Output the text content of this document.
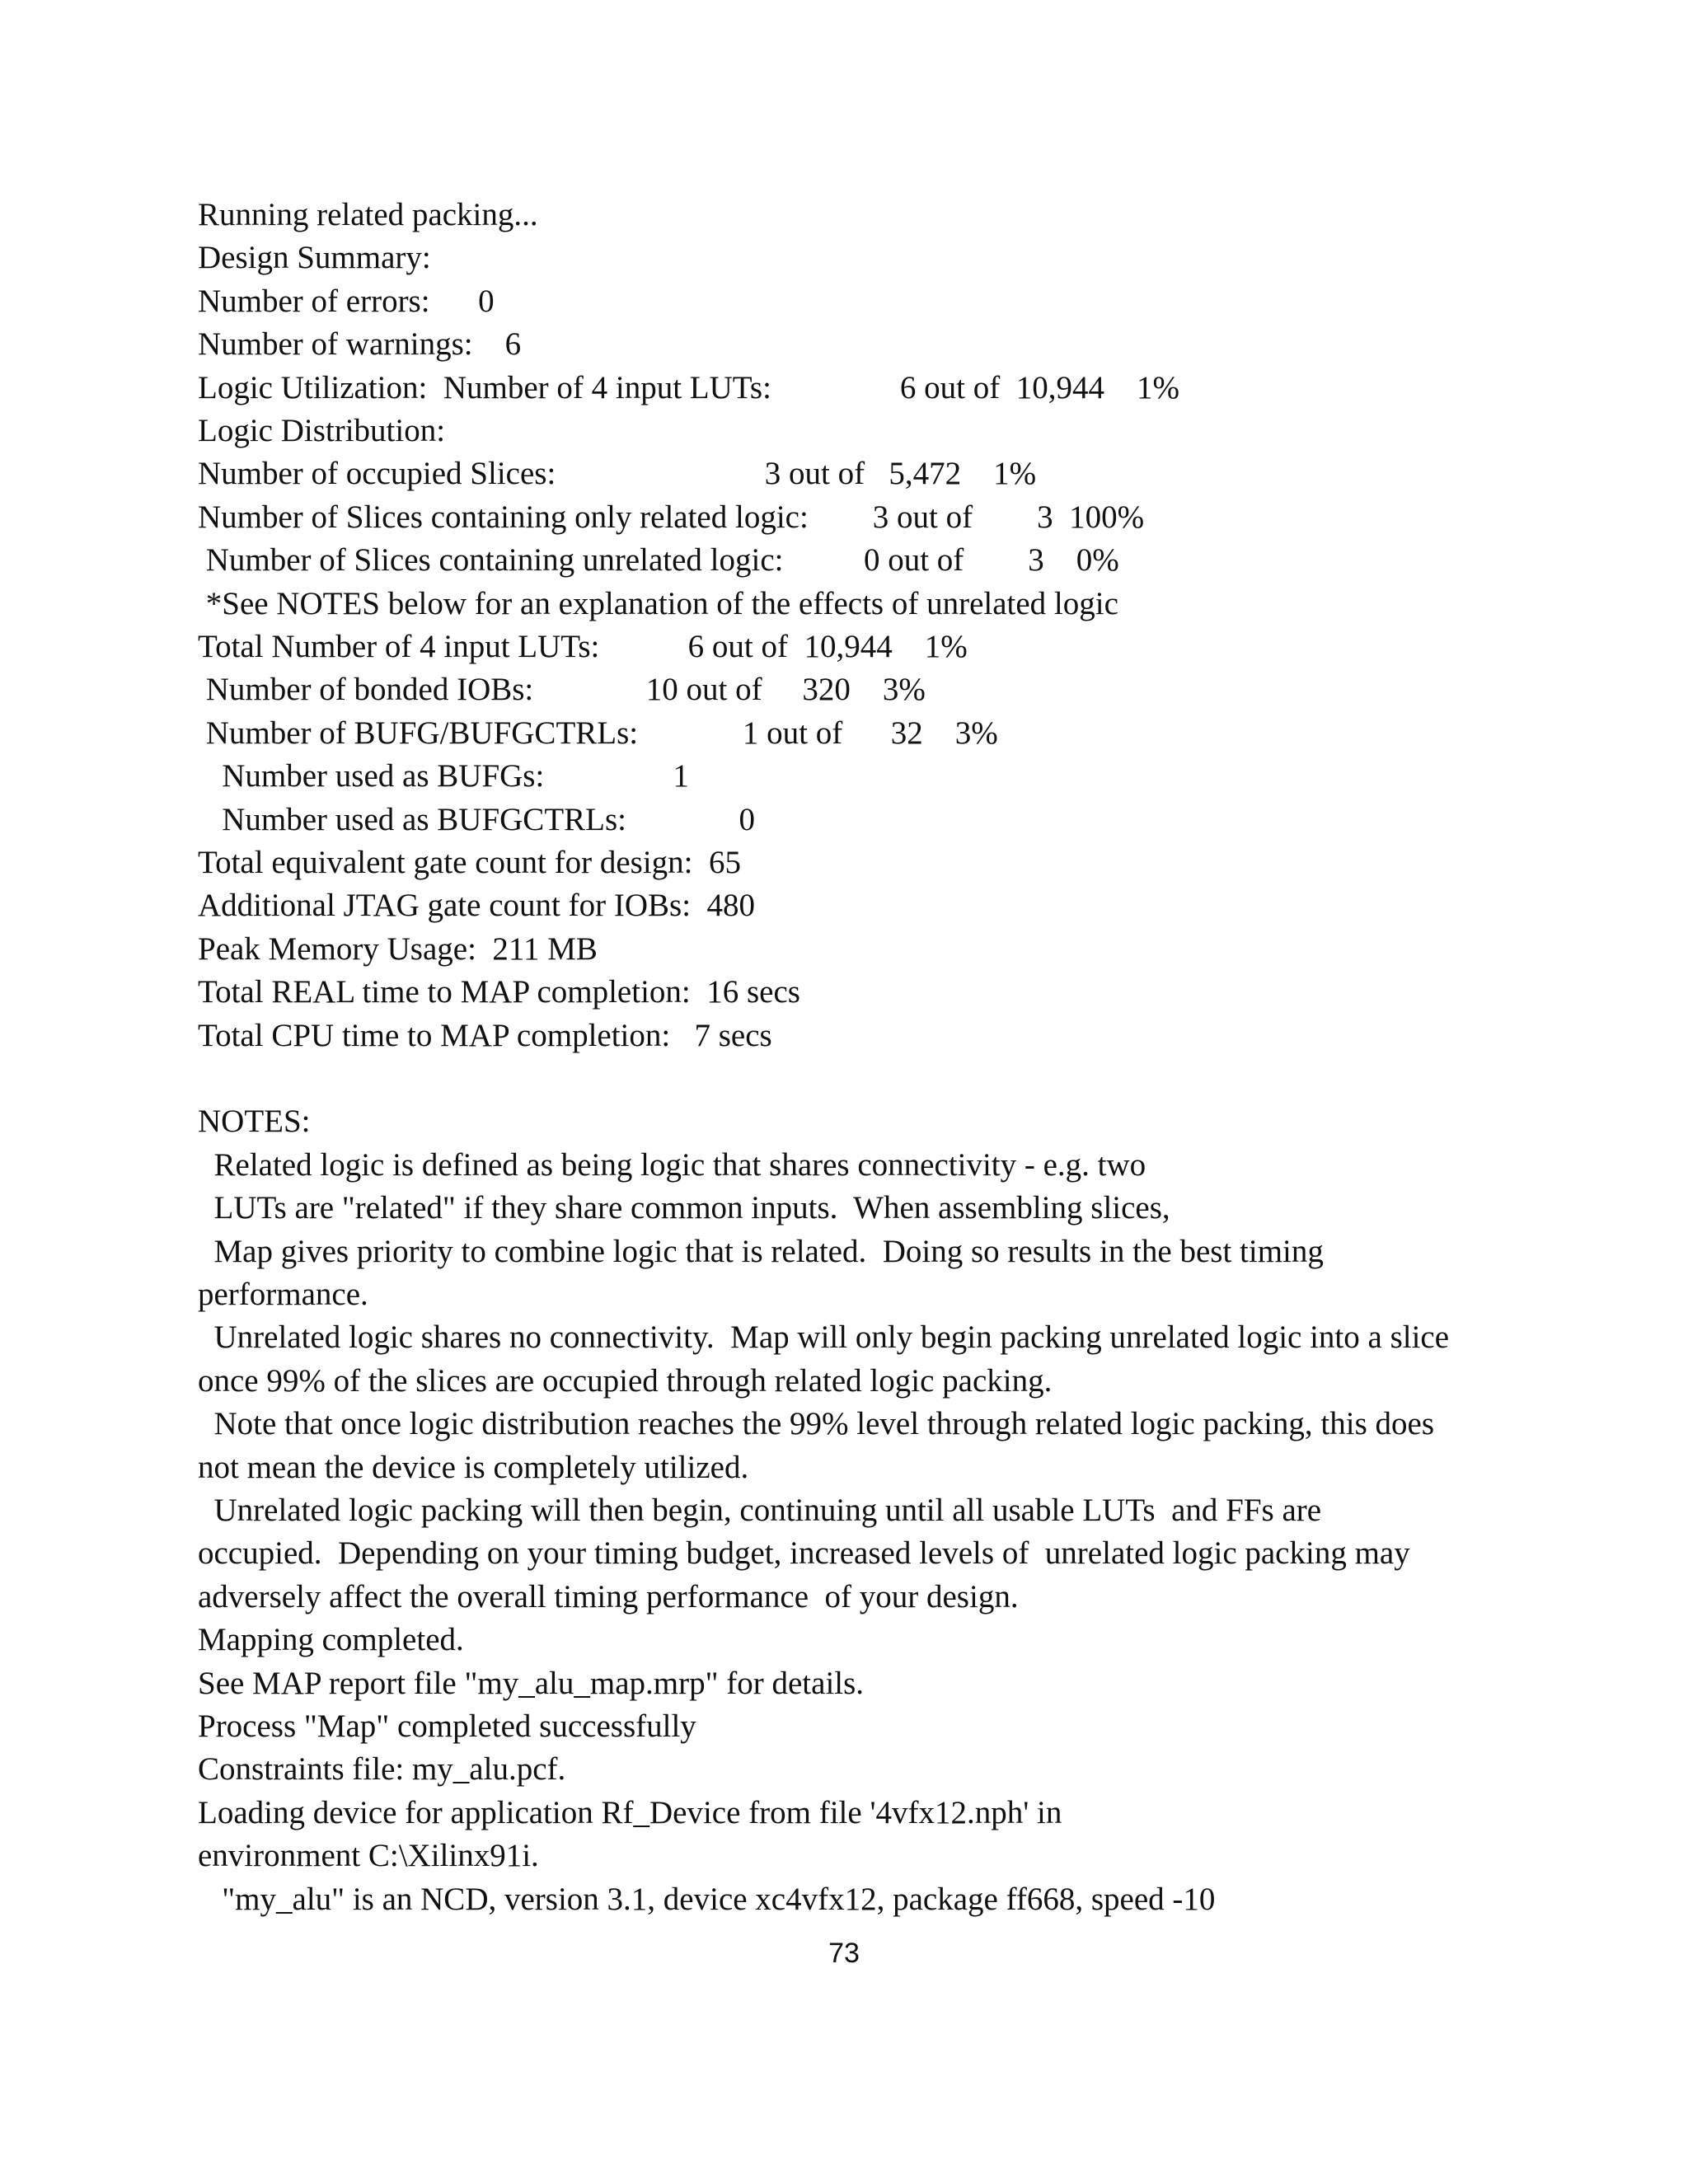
Running related packing...
Design Summary:
Number of errors:      0
Number of warnings:    6
Logic Utilization:  Number of 4 input LUTs:                6 out of  10,944    1%
Logic Distribution:
Number of occupied Slices:                          3 out of   5,472    1%
Number of Slices containing only related logic:        3 out of        3  100%
Number of Slices containing unrelated logic:          0 out of        3    0%
*See NOTES below for an explanation of the effects of unrelated logic
Total Number of 4 input LUTs:           6 out of  10,944    1%
Number of bonded IOBs:              10 out of     320    3%
Number of BUFG/BUFGCTRLs:             1 out of      32    3%
Number used as BUFGs:                1
Number used as BUFGCTRLs:              0
Total equivalent gate count for design:  65
Additional JTAG gate count for IOBs:  480
Peak Memory Usage:  211 MB
Total REAL time to MAP completion:  16 secs
Total CPU time to MAP completion:   7 secs
NOTES:
Related logic is defined as being logic that shares connectivity - e.g. two
LUTs are "related" if they share common inputs.  When assembling slices,
Map gives priority to combine logic that is related.  Doing so results in the best timing
performance.
Unrelated logic shares no connectivity.  Map will only begin packing unrelated logic into a slice
once 99% of the slices are occupied through related logic packing.
Note that once logic distribution reaches the 99% level through related logic packing, this does
not mean the device is completely utilized.
Unrelated logic packing will then begin, continuing until all usable LUTs  and FFs are
occupied.  Depending on your timing budget, increased levels of  unrelated logic packing may
adversely affect the overall timing performance  of your design.
Mapping completed.
See MAP report file "my_alu_map.mrp" for details.
Process "Map" completed successfully
Constraints file: my_alu.pcf.
Loading device for application Rf_Device from file '4vfx12.nph' in
environment C:\Xilinx91i.
"my_alu" is an NCD, version 3.1, device xc4vfx12, package ff668, speed -10
73
